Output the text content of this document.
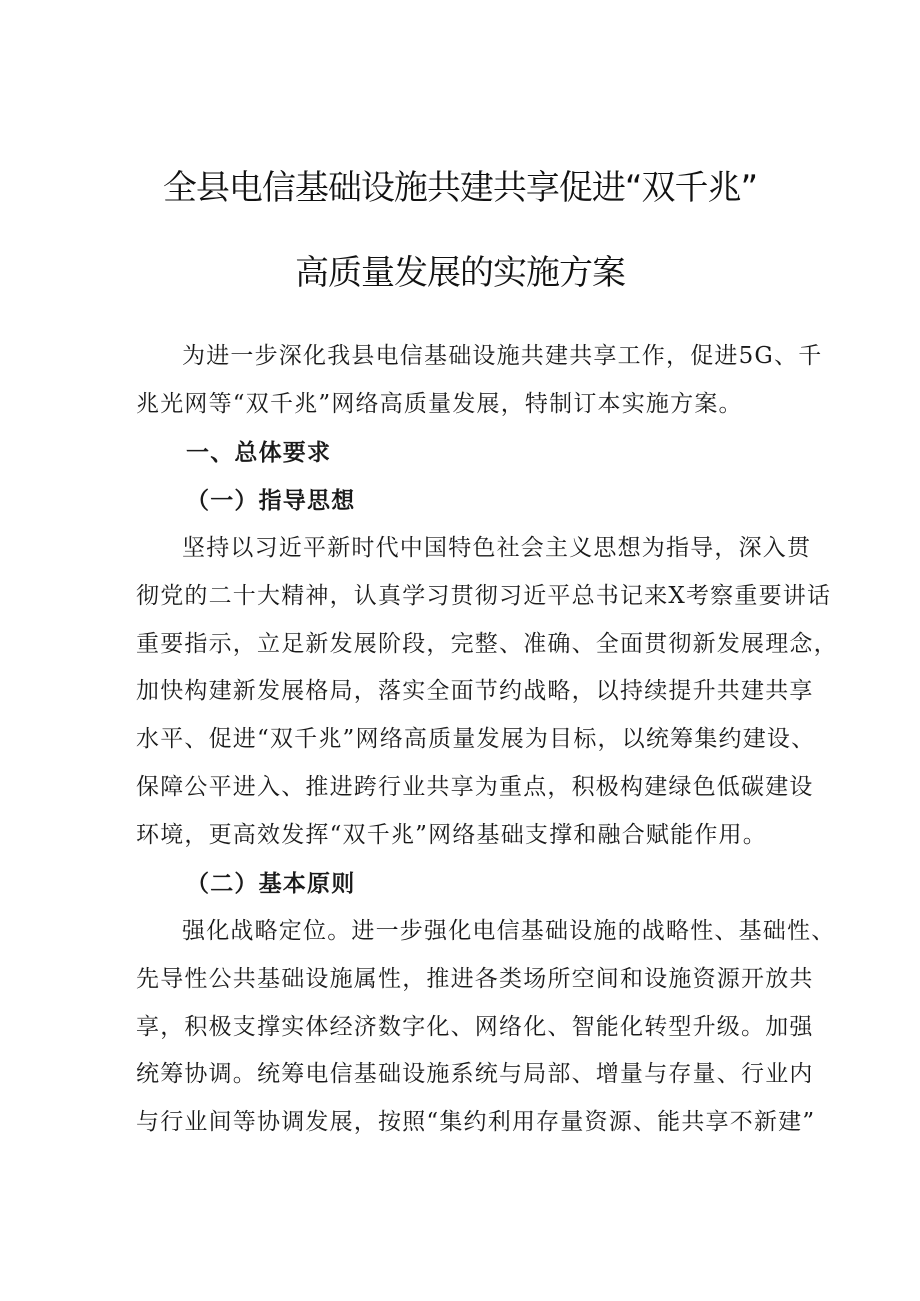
全县电信基础设施共建共享促进“双千兆”
高质量发展的实施方案
为进一步深化我县电信基础设施共建共享工作，促进5G、千
兆光网等“双千兆”网络高质量发展，特制订本实施方案。
一、总体要求
（一）指导思想
坚持以习近平新时代中国特色社会主义思想为指导，深入贯
彻党的二十大精神，认真学习贯彻习近平总书记来X考察重要讲话
重要指示，立足新发展阶段，完整、准确、全面贯彻新发展理念，
加快构建新发展格局，落实全面节约战略，以持续提升共建共享
水平、促进“双千兆”网络高质量发展为目标，以统筹集约建设、
保障公平进入、推进跨行业共享为重点，积极构建绿色低碳建设
环境，更高效发挥“双千兆”网络基础支撑和融合赋能作用。
（二）基本原则
强化战略定位。进一步强化电信基础设施的战略性、基础性、
先导性公共基础设施属性，推进各类场所空间和设施资源开放共
享，积极支撑实体经济数字化、网络化、智能化转型升级。加强
统筹协调。统筹电信基础设施系统与局部、增量与存量、行业内
与行业间等协调发展，按照“集约利用存量资源、能共享不新建”
